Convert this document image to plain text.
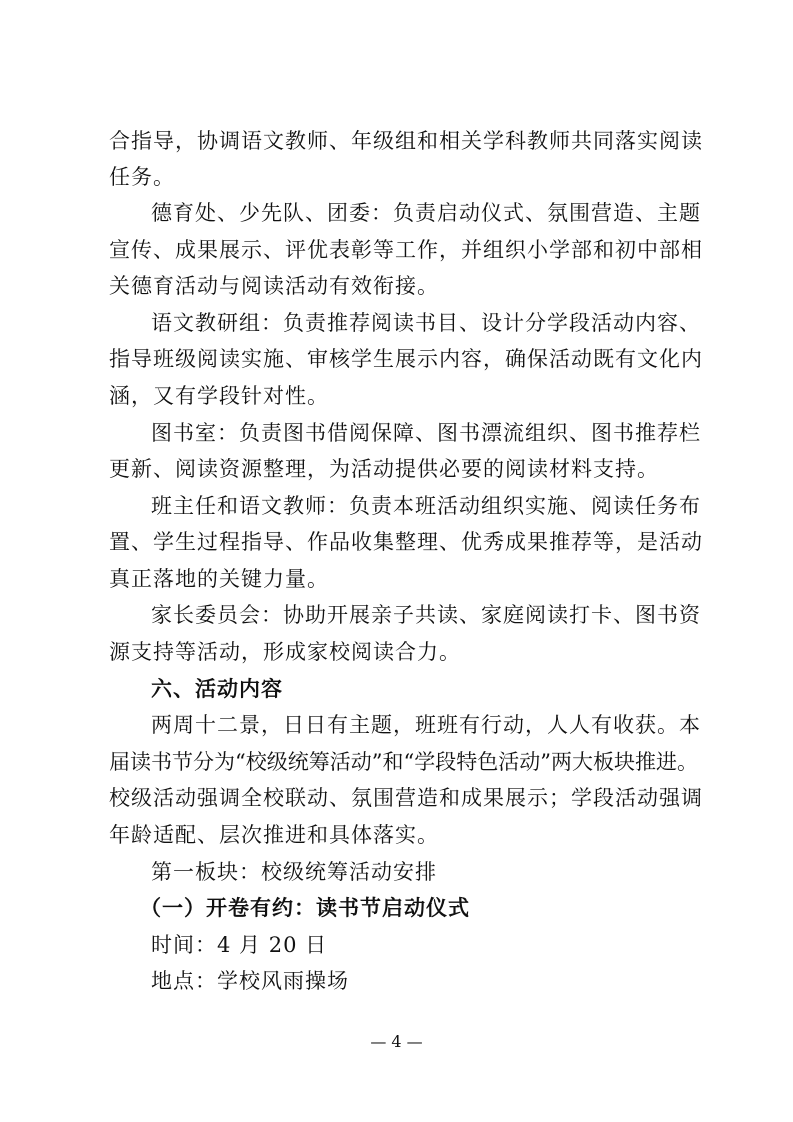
合指导，协调语文教师、年级组和相关学科教师共同落实阅读
任务。
德育处、少先队、团委：负责启动仪式、氛围营造、主题
宣传、成果展示、评优表彰等工作，并组织小学部和初中部相
关德育活动与阅读活动有效衔接。
语文教研组：负责推荐阅读书目、设计分学段活动内容、
指导班级阅读实施、审核学生展示内容，确保活动既有文化内
涵，又有学段针对性。
图书室：负责图书借阅保障、图书漂流组织、图书推荐栏
更新、阅读资源整理，为活动提供必要的阅读材料支持。
班主任和语文教师：负责本班活动组织实施、阅读任务布
置、学生过程指导、作品收集整理、优秀成果推荐等，是活动
真正落地的关键力量。
家长委员会：协助开展亲子共读、家庭阅读打卡、图书资
源支持等活动，形成家校阅读合力。
六、活动内容
两周十二景，日日有主题，班班有行动，人人有收获。本
届读书节分为“校级统筹活动”和“学段特色活动”两大板块推进。
校级活动强调全校联动、氛围营造和成果展示；学段活动强调
年龄适配、层次推进和具体落实。
第一板块：校级统筹活动安排
（一）开卷有约：读书节启动仪式
时间：4 月 20 日
地点：学校风雨操场
— 4 —
